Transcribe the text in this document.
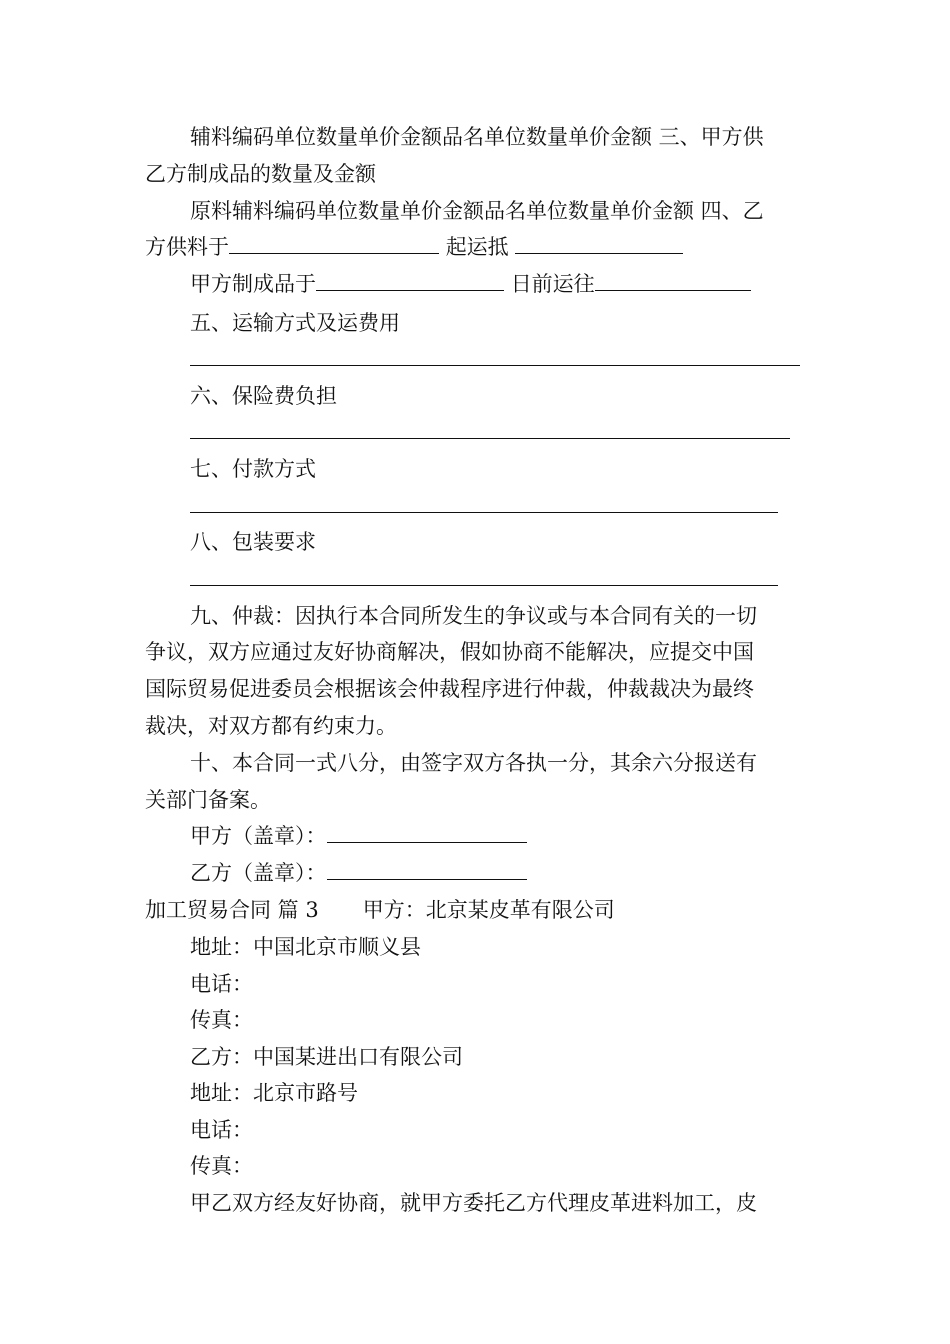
辅料编码单位数量单价金额品名单位数量单价金额 三、甲方供
乙方制成品的数量及金额
原料辅料编码单位数量单价金额品名单位数量单价金额 四、乙
方供料于	起运抵
甲方制成品于	日前运往
五、运输方式及运费用
六、保险费负担
七、付款方式
八、包装要求
九、仲裁：因执行本合同所发生的争议或与本合同有关的一切
争议，双方应通过友好协商解决，假如协商不能解决，应提交中国
国际贸易促进委员会根据该会仲裁程序进行仲裁，仲裁裁决为最终
裁决，对双方都有约束力。
十、本合同一式八分，由签字双方各执一分，其余六分报送有
关部门备案。
甲方（盖章）：
乙方（盖章）：
加工贸易合同 篇 3 甲方：北京某皮革有限公司
地址：中国北京市顺义县
电话：
传真：
乙方：中国某进出口有限公司
地址：北京市路号
电话：
传真：
甲乙双方经友好协商，就甲方委托乙方代理皮革进料加工，皮
